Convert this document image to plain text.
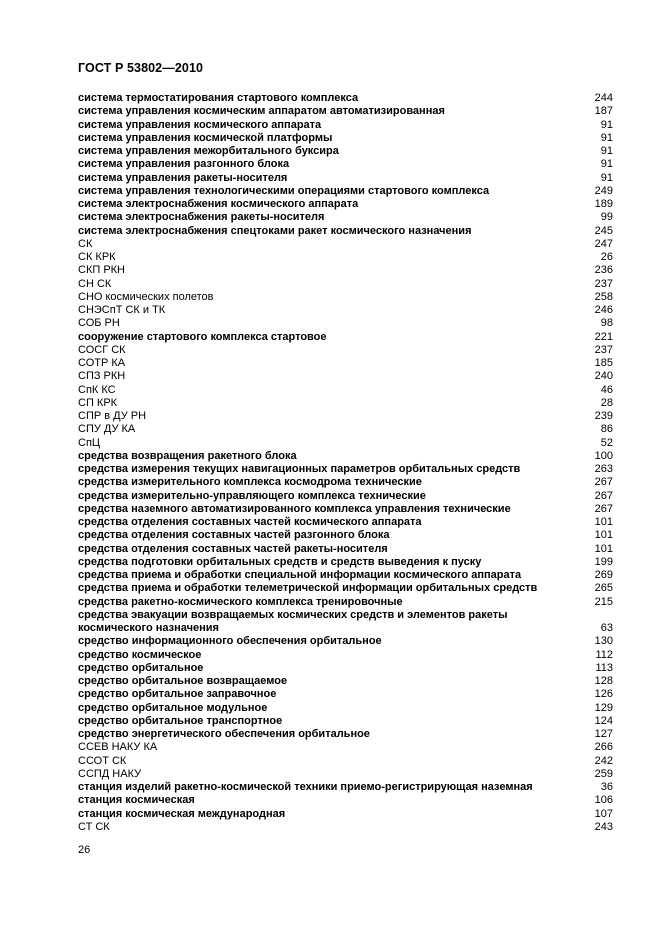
ГОСТ Р 53802—2010
система термостатирования стартового комплекса	244
система управления космическим аппаратом автоматизированная	187
система управления космического аппарата	91
система управления космической платформы	91
система управления межорбитального буксира	91
система управления разгонного блока	91
система управления ракеты-носителя	91
система управления технологическими операциями стартового комплекса	249
система электроснабжения космического аппарата	189
система электроснабжения ракеты-носителя	99
система электроснабжения спецтоками ракет космического назначения	245
СК	247
СК КРК	26
СКП РКН	236
СН СК	237
СНО космических полетов	258
СНЭСпТ СК и ТК	246
СОБ РН	98
сооружение стартового комплекса стартовое	221
СОСГ СК	237
СОТР КА	185
СПЗ РКН	240
СпК КС	46
СП КРК	28
СПР в ДУ РН	239
СПУ ДУ КА	86
СпЦ	52
средства возвращения ракетного блока	100
средства измерения текущих навигационных параметров орбитальных средств	263
средства измерительного комплекса космодрома технические	267
средства измерительно-управляющего комплекса технические	267
средства наземного автоматизированного комплекса управления технические	267
средства отделения составных частей космического аппарата	101
средства отделения составных частей разгонного блока	101
средства отделения составных частей ракеты-носителя	101
средства подготовки орбитальных средств и средств выведения к пуску	199
средства приема и обработки специальной информации космического аппарата	269
средства приема и обработки телеметрической информации орбитальных средств	265
средства ракетно-космического комплекса тренировочные	215
средства эвакуации возвращаемых космических средств и элементов ракеты космического назначения	63
средство информационного обеспечения орбитальное	130
средство космическое	112
средство орбитальное	113
средство орбитальное возвращаемое	128
средство орбитальное заправочное	126
средство орбитальное модульное	129
средство орбитальное транспортное	124
средство энергетического обеспечения орбитальное	127
ССЕВ НАКУ КА	266
ССОТ СК	242
ССПД НАКУ	259
станция изделий ракетно-космической техники приемо-регистрирующая наземная	36
станция космическая	106
станция космическая международная	107
СТ СК	243
26
